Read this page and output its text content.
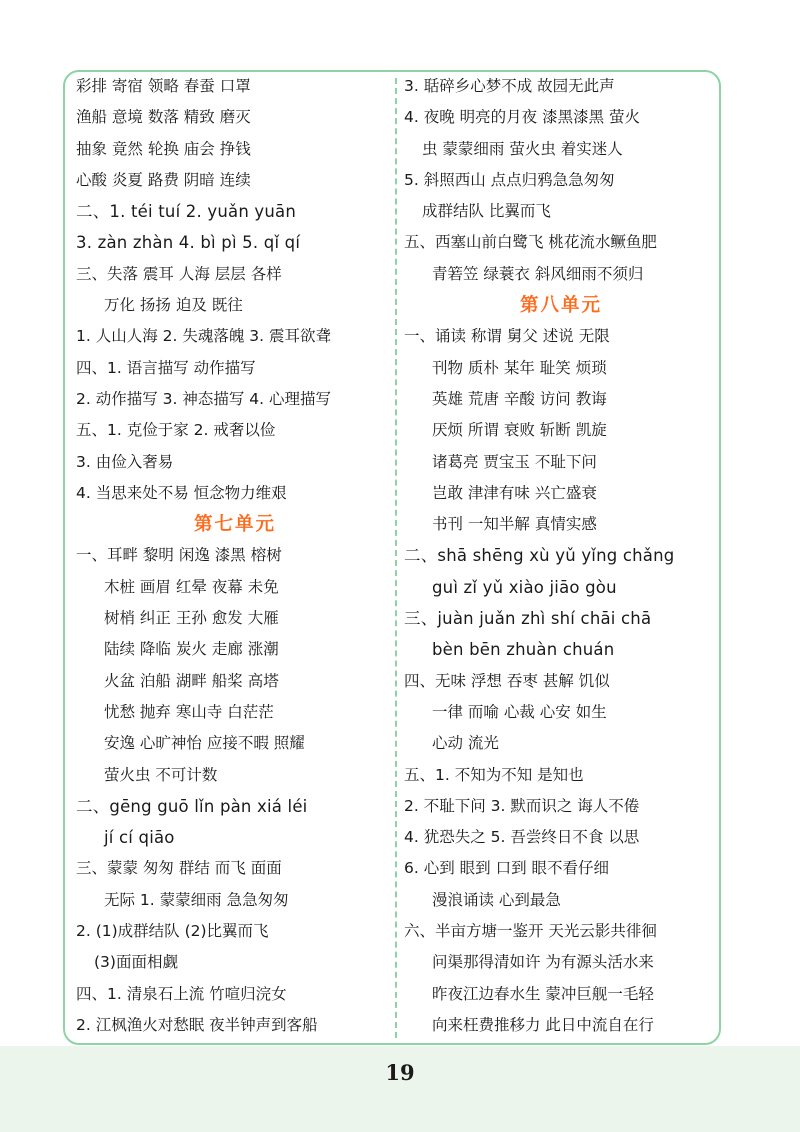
彩排 寄宿 领略 春蚕 口罩
渔船 意境 数落 精致 磨灭
抽象 竟然 轮换 庙会 挣钱
心酸 炎夏 路费 阴暗 连续
二、1. téi tuí 2. yuǎn yuān
3. zàn zhàn 4. bì pì 5. qǐ qí
三、失落 震耳 人海 层层 各样
万化 扬扬 迫及 既往
1. 人山人海 2. 失魂落魄 3. 震耳欲聋
四、1. 语言描写 动作描写
2. 动作描写 3. 神态描写 4. 心理描写
五、1. 克俭于家 2. 戒奢以俭
3. 由俭入奢易
4. 当思来处不易 恒念物力维艰
第七单元
一、耳畔 黎明 闲逸 漆黑 榕树
木桩 画眉 红晕 夜幕 未免
树梢 纠正 王孙 愈发 大雁
陆续 降临 炭火 走廊 涨潮
火盆 泊船 湖畔 船桨 高塔
忧愁 抛弃 寒山寺 白茫茫
安逸 心旷神怡 应接不暇 照耀
萤火虫 不可计数
二、gēng guō lǐn pàn xiá léi
jí cí qiāo
三、蒙蒙 匆匆 群结 而飞 面面
无际 1. 蒙蒙细雨 急急匆匆
2. (1)成群结队 (2)比翼而飞
(3)面面相觑
四、1. 清泉石上流 竹喧归浣女
2. 江枫渔火对愁眠 夜半钟声到客船
3. 聒碎乡心梦不成 故园无此声
4. 夜晚 明亮的月夜 漆黑漆黑 萤火
虫 蒙蒙细雨 萤火虫 着实迷人
5. 斜照西山 点点归鸦急急匆匆
成群结队 比翼而飞
五、西塞山前白鹭飞 桃花流水鳜鱼肥
青箬笠 绿蓑衣 斜风细雨不须归
第八单元
一、诵读 称谓 舅父 述说 无限
刊物 质朴 某年 耻笑 烦琐
英雄 荒唐 辛酸 访问 教诲
厌烦 所谓 衰败 斩断 凯旋
诸葛亮 贾宝玉 不耻下问
岂敢 津津有味 兴亡盛衰
书刊 一知半解 真情实感
二、shā shēng xù yǔ yǐng chǎng
guì zǐ yǔ xiào jiāo gòu
三、juàn juǎn zhì shí chāi chā
bèn bēn zhuàn chuán
四、无味 浮想 吞枣 甚解 饥似
一律 而喻 心裁 心安 如生
心动 流光
五、1. 不知为不知 是知也
2. 不耻下问 3. 默而识之 诲人不倦
4. 犹恐失之 5. 吾尝终日不食 以思
6. 心到 眼到 口到 眼不看仔细
漫浪诵读 心到最急
六、半亩方塘一鉴开 天光云影共徘徊
问渠那得清如许 为有源头活水来
昨夜江边春水生 蒙冲巨舰一毛轻
向来枉费推移力 此日中流自在行
19
